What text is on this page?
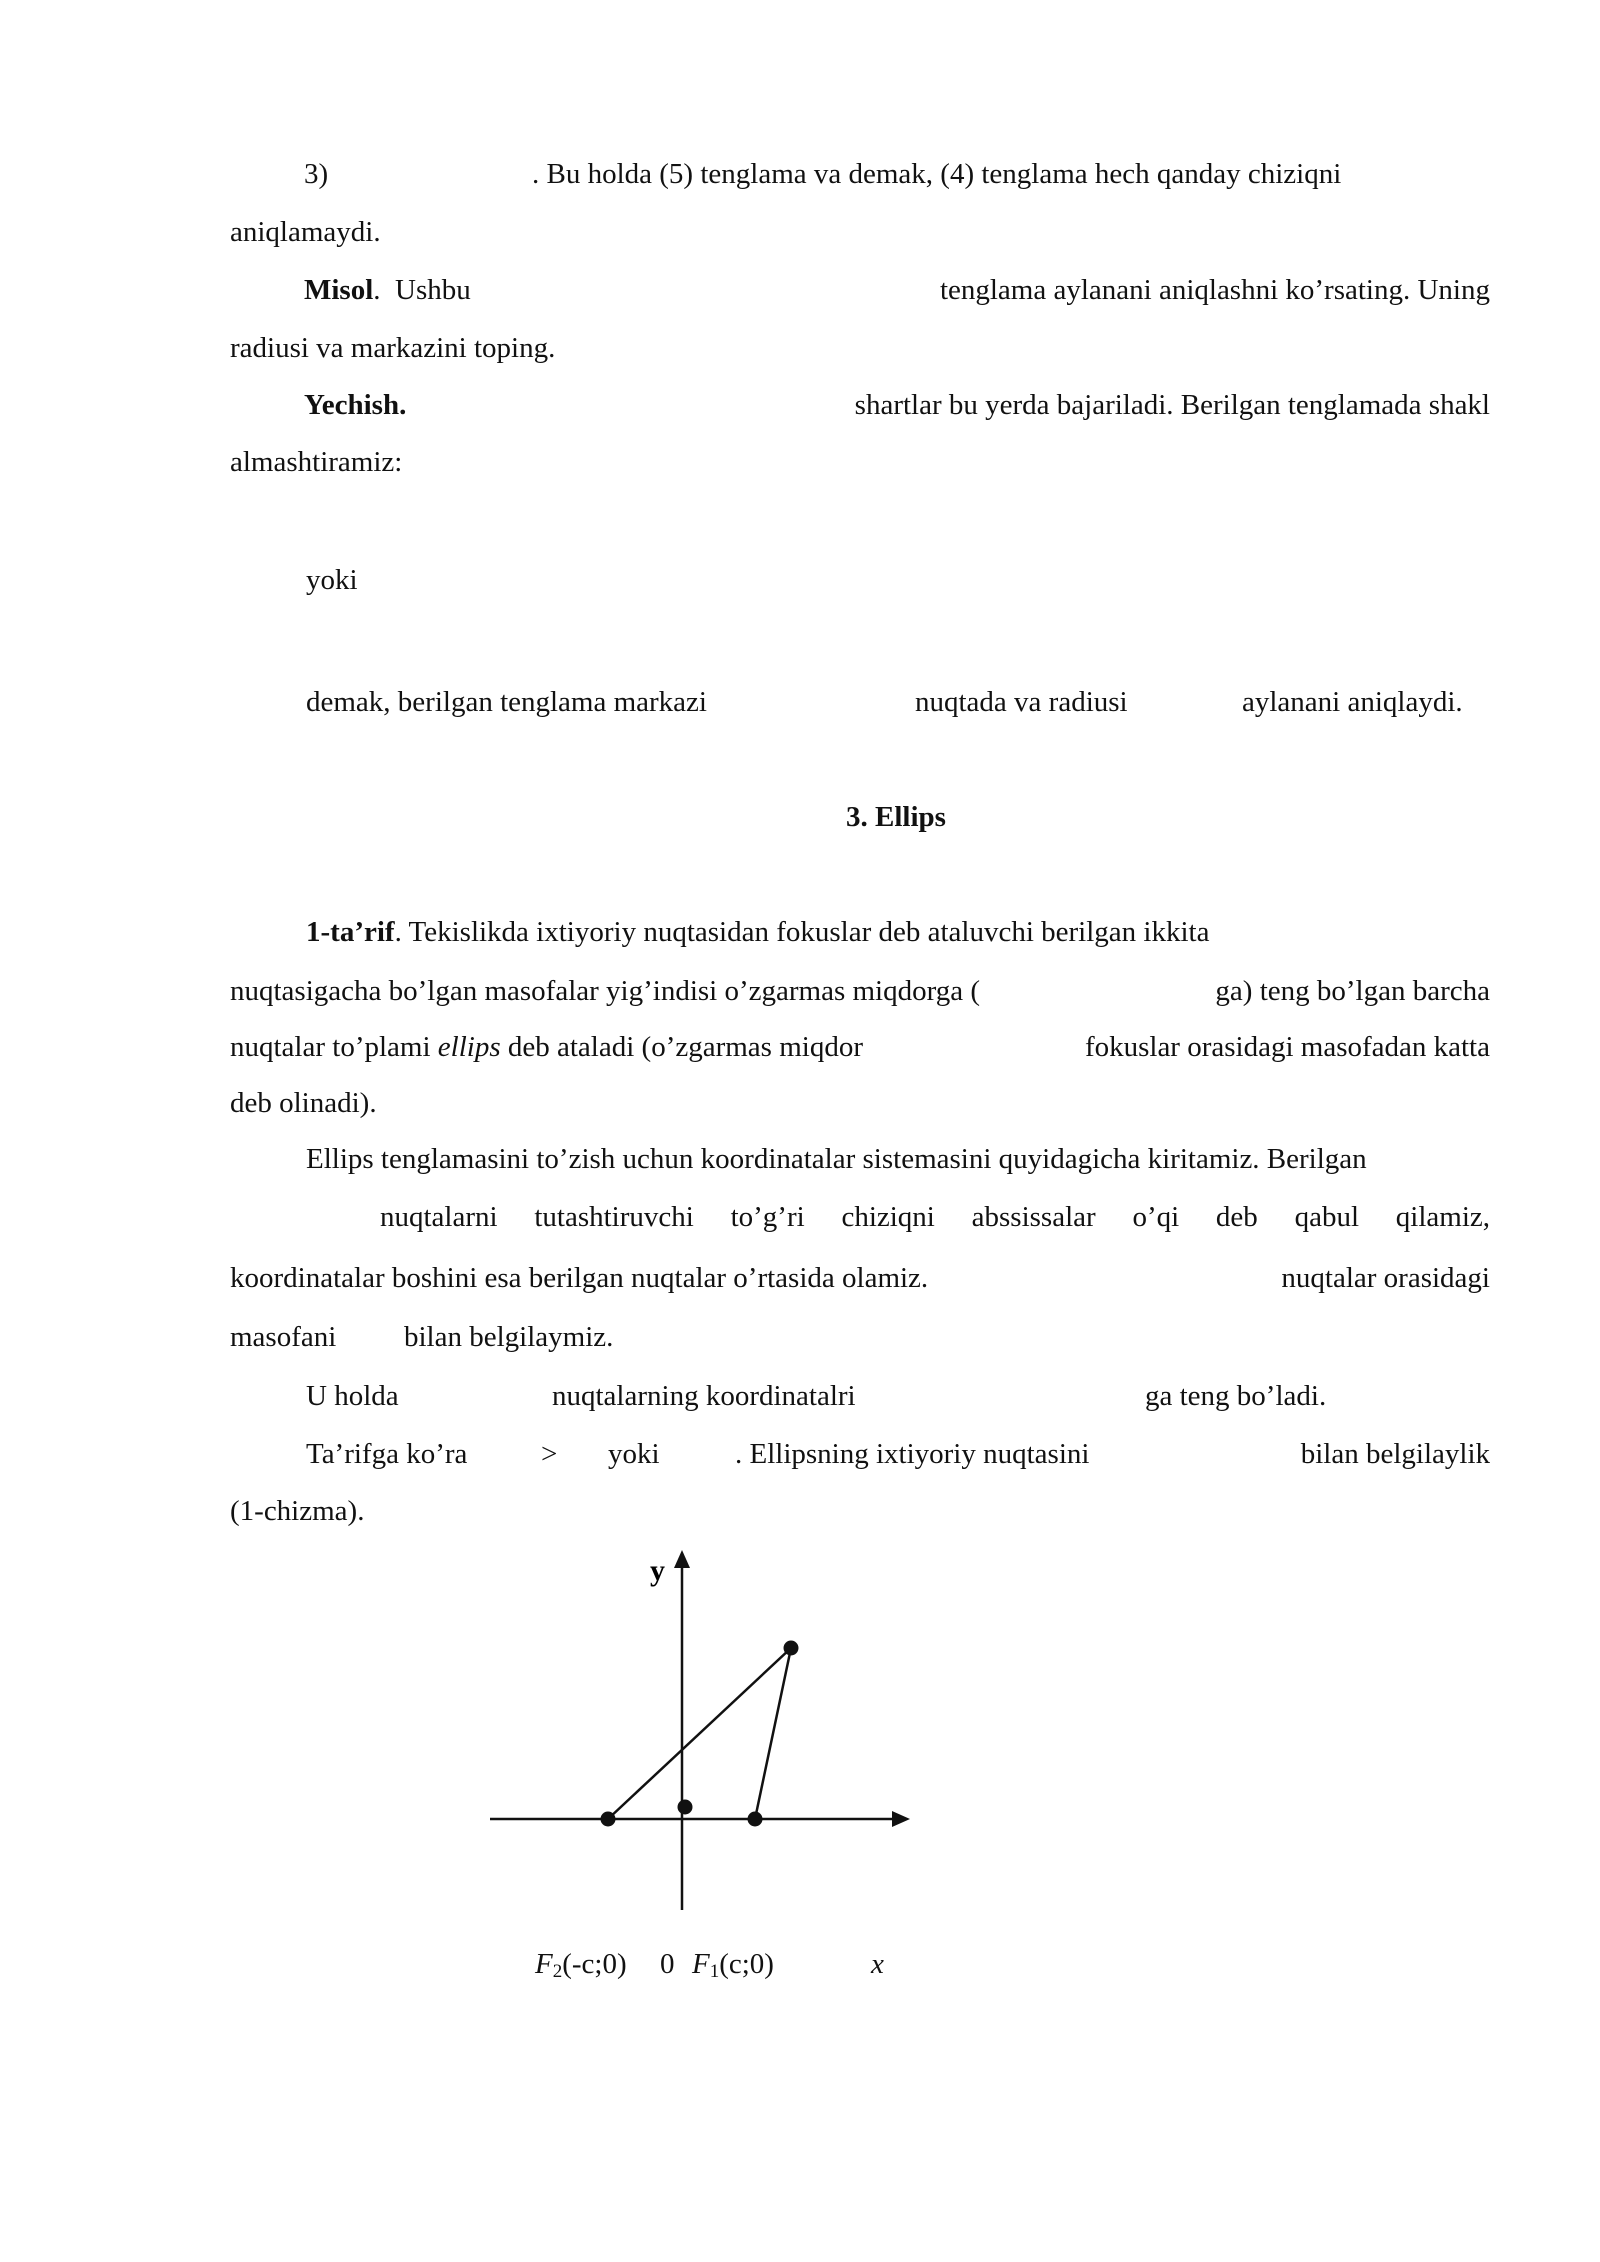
3)	. Bu holda (5) tenglama va demak, (4) tenglama hech qanday chiziqni
aniqlamaydi.
Misol. Ushbu	tenglama aylanani aniqlashni ko’rsating. Uning
radiusi va markazini toping.
Yechish.	shartlar bu yerda bajariladi. Berilgan tenglamada shakl
almashtiramiz:
yoki
demak, berilgan tenglama markazi	nuqtada va radiusi	aylanani aniqlaydi.
3. Ellips
1-ta’rif. Tekislikda ixtiyoriy nuqtasidan fokuslar deb ataluvchi berilgan ikkita
nuqtasigacha bo’lgan masofalar yig’indisi o’zgarmas miqdorga (	ga) teng bo’lgan barcha
nuqtalar to’plami ellips deb ataladi (o’zgarmas miqdor	fokuslar orasidagi masofadan katta
deb olinadi).
Ellips tenglamasini to’zish uchun koordinatalar sistemasini quyidagicha kiritamiz. Berilgan
nuqtalarni tutashtiruvchi to’g’ri chiziqni abssissalar o’qi deb qabul qilamiz,
koordinatalar boshini esa berilgan nuqtalar o’rtasida olamiz.	nuqtalar orasidagi
masofani bilan belgilaymiz.
U holda	nuqtalarning koordinatalri	ga teng bo’ladi.
Ta’rifga ko’ra	> yoki	. Ellipsning ixtiyoriy nuqtasini	bilan belgilaylik
(1-chizma).
y
$F_2(-c;0)$ 0 $F_1(c;0)$	x
